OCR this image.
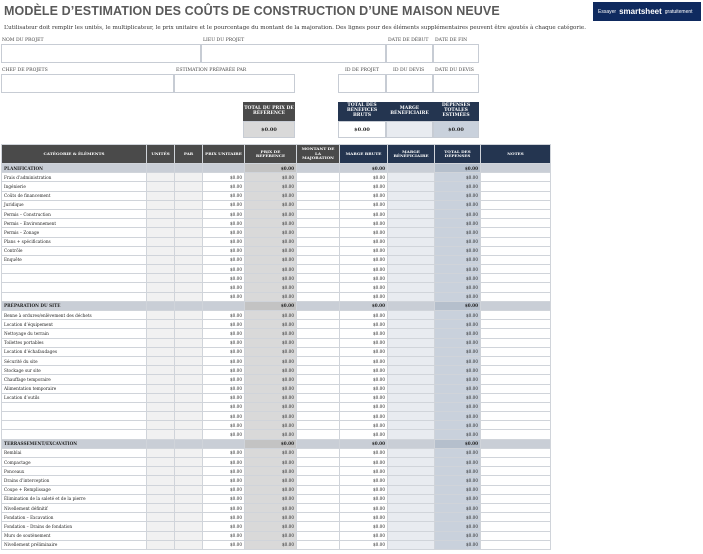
MODÈLE D’ESTIMATION DES COÛTS DE CONSTRUCTION D’UNE MAISON NEUVE
L’utilisateur doit remplir les unités, le multiplicateur, le prix unitaire et le pourcentage du montant de la majoration. Des lignes pour des éléments supplémentaires peuvent être ajoutés à chaque catégorie.
Essayer smartsheet gratuitement
NOM DU PROJET	LIEU DU PROJET	DATE DE DÉBUT DATE DE FIN
CHEF DE PROJETS	ESTIMATION PRÉPARÉE PAR	ID DE PROJET	ID DU DEVIS DATE DU DEVIS
TOTAL DU PRIX DE RÉFÉRENCE
$0.00
TOTAL DES BÉNÉFICES BRUTS
$0.00
MARGE BÉNÉFICIAIRE
DÉPENSES TOTALES ESTIMÉES
$0.00
CATÉGORIE & ÉLÉMENTS	UNITÉS	PAR	PRIX UNITAIRE	PRIX DE RÉFÉRENCE	MONTANT DE LA MAJORATION	MARGE BRUTE	MARGE BÉNÉFICIAIRE	TOTAL DES DÉPENSES	NOTES
PLANIFICATION				$0.00		$0.00		$0.00	
Frais d’administration			$0.00	$0.00		$0.00		$0.00	
Ingénierie			$0.00	$0.00		$0.00		$0.00	
Coûts de financement			$0.00	$0.00		$0.00		$0.00	
Juridique			$0.00	$0.00		$0.00		$0.00	
Permis – Construction			$0.00	$0.00		$0.00		$0.00	
Permis – Environnement			$0.00	$0.00		$0.00		$0.00	
Permis – Zonage			$0.00	$0.00		$0.00		$0.00	
Plans + spécifications			$0.00	$0.00		$0.00		$0.00	
Contrôle			$0.00	$0.00		$0.00		$0.00	
Enquête			$0.00	$0.00		$0.00		$0.00	
			$0.00	$0.00		$0.00		$0.00	
			$0.00	$0.00		$0.00		$0.00	
			$0.00	$0.00		$0.00		$0.00	
			$0.00	$0.00		$0.00		$0.00	
PRÉPARATION DU SITE				$0.00		$0.00		$0.00	
Benne à ordures/enlèvement des déchets			$0.00	$0.00		$0.00		$0.00	
Location d’équipement			$0.00	$0.00		$0.00		$0.00	
Nettoyage du terrain			$0.00	$0.00		$0.00		$0.00	
Toilettes portables			$0.00	$0.00		$0.00		$0.00	
Location d’échafaudages			$0.00	$0.00		$0.00		$0.00	
Sécurité du site			$0.00	$0.00		$0.00		$0.00	
Stockage sur site			$0.00	$0.00		$0.00		$0.00	
Chauffage temporaire			$0.00	$0.00		$0.00		$0.00	
Alimentation temporaire			$0.00	$0.00		$0.00		$0.00	
Location d’outils			$0.00	$0.00		$0.00		$0.00	
			$0.00	$0.00		$0.00		$0.00	
			$0.00	$0.00		$0.00		$0.00	
			$0.00	$0.00		$0.00		$0.00	
			$0.00	$0.00		$0.00		$0.00	
TERRASSEMENT/EXCAVATION				$0.00		$0.00		$0.00	
Remblai			$0.00	$0.00		$0.00		$0.00	
Compactage			$0.00	$0.00		$0.00		$0.00	
Ponceaux			$0.00	$0.00		$0.00		$0.00	
Drains d’interception			$0.00	$0.00		$0.00		$0.00	
Coupe + Remplissage			$0.00	$0.00		$0.00		$0.00	
Élimination de la saleté et de la pierre			$0.00	$0.00		$0.00		$0.00	
Nivellement définitif			$0.00	$0.00		$0.00		$0.00	
Fondation – Excavation			$0.00	$0.00		$0.00		$0.00	
Fondation – Drains de fondation			$0.00	$0.00		$0.00		$0.00	
Murs de soutènement			$0.00	$0.00		$0.00		$0.00	
Nivellement préliminaire			$0.00	$0.00		$0.00		$0.00	
